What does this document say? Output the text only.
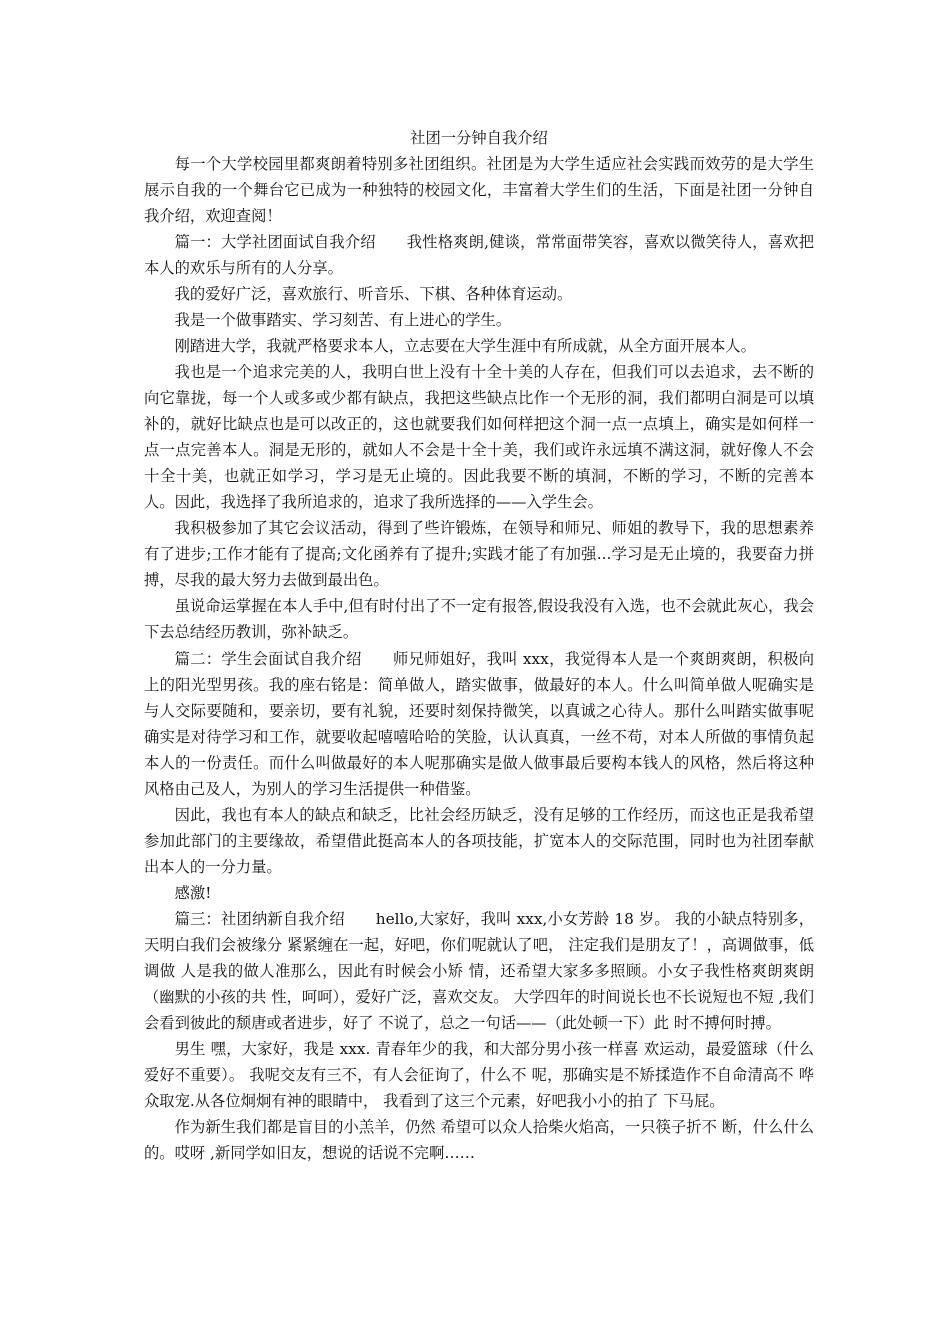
社团一分钟自我介绍

每一个大学校园里都爽朗着特别多社团组织。社团是为大学生适应社会实践而效劳的是大学生展示自我的一个舞台它已成为一种独特的校园文化，丰富着大学生们的生活，下面是社团一分钟自我介绍，欢迎查阅！

篇一：大学社团面试自我介绍　　我性格爽朗,健谈，常常面带笑容，喜欢以微笑待人，喜欢把本人的欢乐与所有的人分享。

我的爱好广泛，喜欢旅行、听音乐、下棋、各种体育运动。

我是一个做事踏实、学习刻苦、有上进心的学生。

刚踏进大学，我就严格要求本人，立志要在大学生涯中有所成就，从全方面开展本人。

我也是一个追求完美的人，我明白世上没有十全十美的人存在，但我们可以去追求，去不断的向它靠拢，每一个人或多或少都有缺点，我把这些缺点比作一个无形的洞，我们都明白洞是可以填补的，就好比缺点也是可以改正的，这也就要我们如何样把这个洞一点一点填上，确实是如何样一点一点完善本人。洞是无形的，就如人不会是十全十美，我们或许永远填不满这洞，就好像人不会十全十美，也就正如学习，学习是无止境的。因此我要不断的填洞，不断的学习，不断的完善本人。因此，我选择了我所追求的，追求了我所选择的——入学生会。

我积极参加了其它会议活动，得到了些许锻炼，在领导和师兄、师姐的教导下，我的思想素养有了进步;工作才能有了提高;文化函养有了提升;实践才能了有加强...学习是无止境的，我要奋力拼搏，尽我的最大努力去做到最出色。

虽说命运掌握在本人手中,但有时付出了不一定有报答,假设我没有入选，也不会就此灰心，我会下去总结经历教训，弥补缺乏。

篇二：学生会面试自我介绍　　师兄师姐好，我叫 xxx，我觉得本人是一个爽朗爽朗，积极向上的阳光型男孩。我的座右铭是：简单做人，踏实做事，做最好的本人。什么叫简单做人呢确实是与人交际要随和，要亲切，要有礼貌，还要时刻保持微笑，以真诚之心待人。那什么叫踏实做事呢确实是对待学习和工作，就要收起嘻嘻哈哈的笑脸，认认真真，一丝不苟，对本人所做的事情负起本人的一份责任。而什么叫做最好的本人呢那确实是做人做事最后要构本钱人的风格，然后将这种风格由己及人，为别人的学习生活提供一种借鉴。

因此，我也有本人的缺点和缺乏，比社会经历缺乏，没有足够的工作经历，而这也正是我希望参加此部门的主要缘故，希望借此挺高本人的各项技能，扩宽本人的交际范围，同时也为社团奉献出本人的一分力量。

感激!

篇三：社团纳新自我介绍　　hello,大家好，我叫 xxx,小女芳龄 18 岁。 我的小缺点特别多，天明白我们会被缘分 紧紧缠在一起，好吧，你们呢就认了吧， 注定我们是朋友了！，高调做事，低调做 人是我的做人准那么，因此有时候会小矫 情，还希望大家多多照顾。小女子我性格爽朗爽朗（幽默的小孩的共 性，呵呵），爱好广泛，喜欢交友。 大学四年的时间说长也不长说短也不短 ,我们会看到彼此的颓唐或者进步，好了 不说了，总之一句话——（此处顿一下）此 时不搏何时搏。

男生 嘿，大家好，我是 xxx. 青春年少的我，和大部分男小孩一样喜 欢运动，最爱篮球（什么爱好不重要）。 我呢交友有三不，有人会征询了，什么不 呢，那确实是不矫揉造作不自命清高不 哗众取宠.从各位炯炯有神的眼睛中， 我看到了这三个元素，好吧我小小的拍了 下马屁。

作为新生我们都是盲目的小羔羊，仍然 希望可以众人拾柴火焰高，一只筷子折不 断，什么什么的。哎呀 ,新同学如旧友，想说的话说不完啊……
